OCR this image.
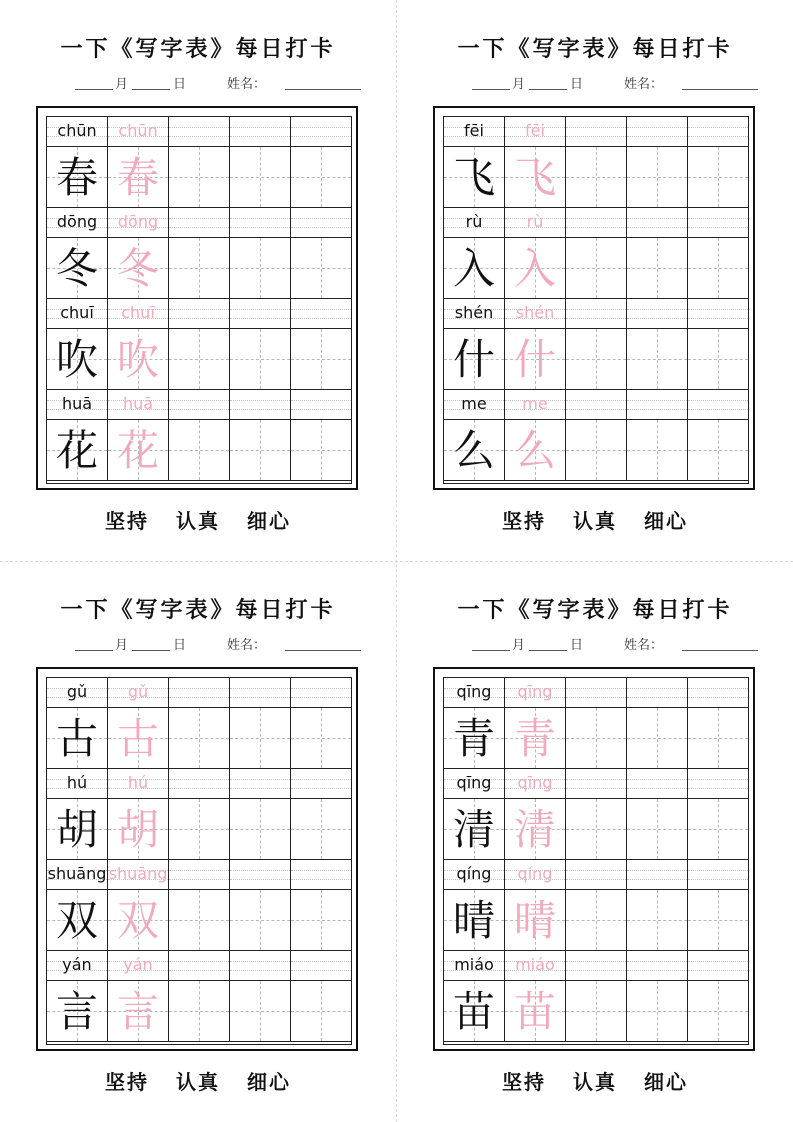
一下《写字表》每日打卡
月	日	姓名：
chūn	chūn
春 春
dōng	dōng
冬 冬
chuī	chuī
吹 吹
huā	huā
花 花
坚持 认真 细心
一下《写字表》每日打卡
月	日	姓名：
fēi	fēi
飞 飞
rù	rù
入 入
shén	shén
什 什
me	me
么 么
坚持 认真 细心
一下《写字表》每日打卡
月	日	姓名：
gǔ	gǔ
古 古
hú	hú
胡 胡
shuāng shuāng
双 双
yán	yán
言 言
坚持 认真 细心
一下《写字表》每日打卡
月	日	姓名：
qīng	qīng
青 青
qīng	qīng
清 清
qíng	qíng
晴 晴
miáo	miáo
苗 苗
坚持 认真 细心
